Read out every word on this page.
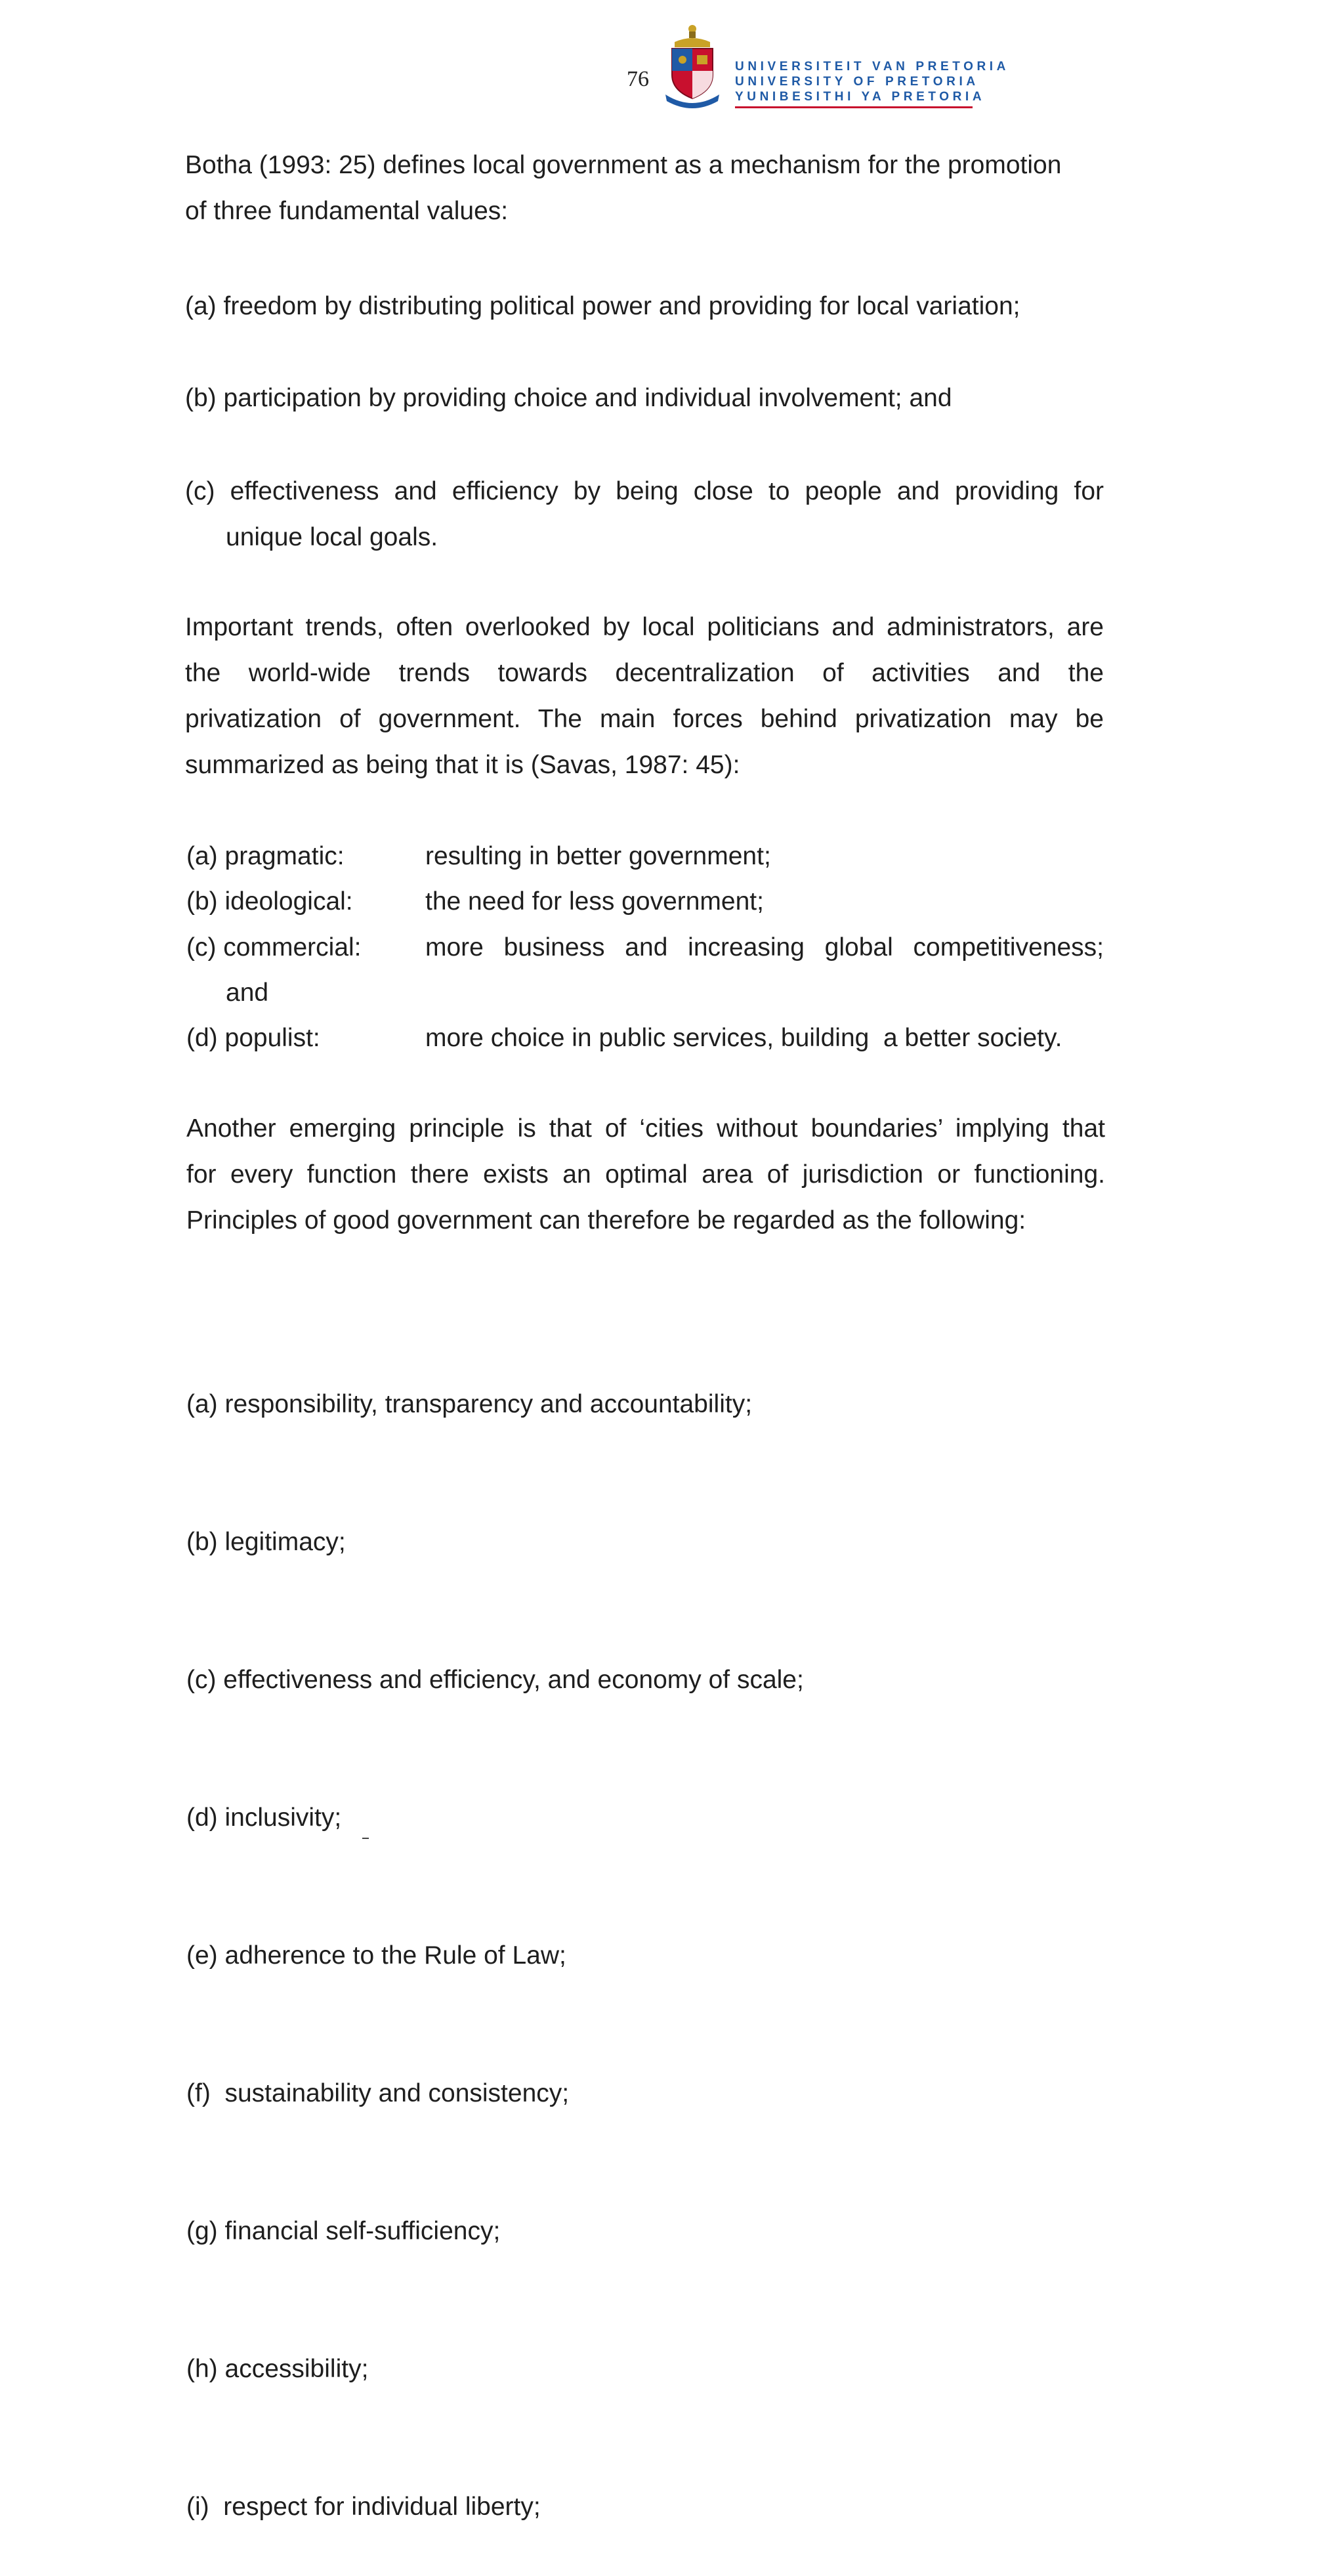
76
UNIVERSITEIT VAN PRETORIA
UNIVERSITY OF PRETORIA
YUNIBESITHI YA PRETORIA
Botha (1993: 25) defines local government as a mechanism for the promotion
of three fundamental values:
(a) freedom by distributing political power and providing for local variation;
(b) participation by providing choice and individual involvement; and
(c) effectiveness and efficiency by being close to people and providing for
unique local goals.
Important trends, often overlooked by local politicians and administrators, are
the world-wide trends towards decentralization of activities and the
privatization of government. The main forces behind privatization may be
summarized as being that it is (Savas, 1987: 45):
(a) pragmatic:	resulting in better government;
(b) ideological:	the need for less government;
(c) commercial: more business and increasing global competitiveness;
and
(d) populist:	more choice in public services, building  a better society.
Another emerging principle is that of ‘cities without boundaries’ implying that
for every function there exists an optimal area of jurisdiction or functioning.
Principles of good government can therefore be regarded as the following:

(a) responsibility, transparency and accountability;

(b) legitimacy;

(c) effectiveness and efficiency, and economy of scale;

(d) inclusivity;

(e) adherence to the Rule of Law;

(f)  sustainability and consistency;

(g) financial self-sufficiency;

(h) accessibility;

(i)  respect for individual liberty;
